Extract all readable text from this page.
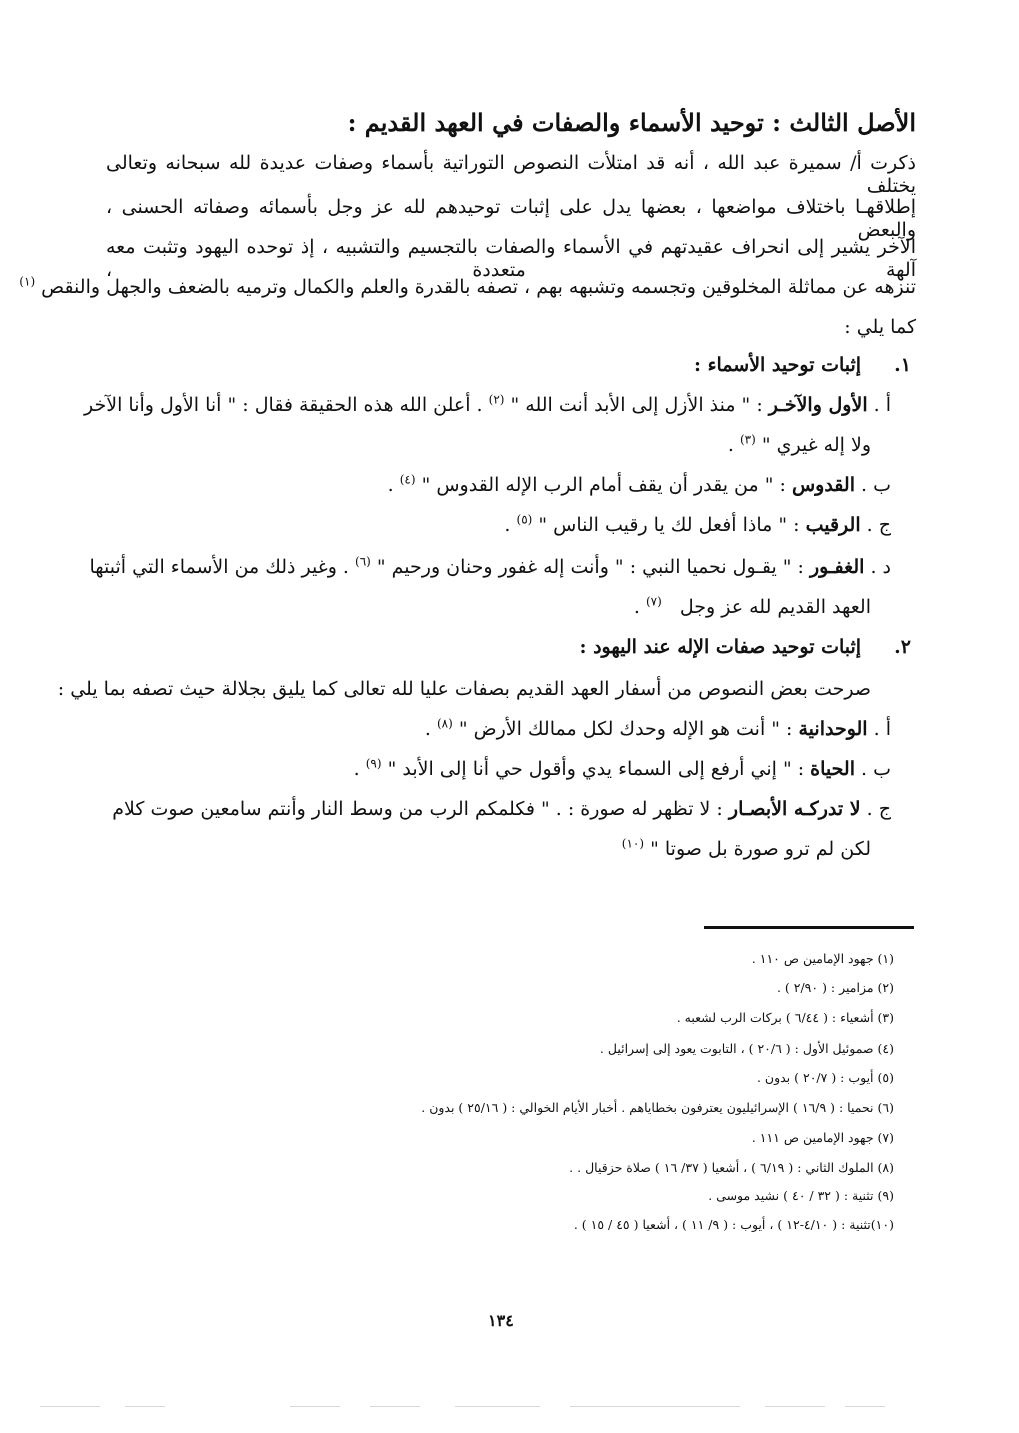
الأصل الثالث : توحيد الأسماء والصفات في العهد القديم :
ذكرت أ/ سميرة عبد الله ، أنه قد امتلأت النصوص التوراتية بأسماء وصفات عديدة لله سبحانه وتعالى يختلف
إطلاقهـا باختلاف مواضعها ، بعضها يدل على إثبات توحيدهم لله عز وجل بأسمائه وصفاته الحسنى ، والبعض
الآخر يشير إلى انحراف عقيدتهم في الأسماء والصفات بالتجسيم والتشبيه ، إذ توحده اليهود وتثبت معه آلهة متعددة ،
تنزهه عن مماثلة المخلوقين وتجسمه وتشبهه بهم ، تصفه بالقدرة والعلم والكمال وترميه بالضعف والجهل والنقص $^{(١)}$
كما يلي :
١.     إثبات توحيد الأسماء :
أ . الأول والآخـر : " منذ الأزل إلى الأبد أنت الله " $^{(٢)}$ . أعلن الله هذه الحقيقة فقال : " أنا الأول وأنا الآخر
ولا إله غيري " $^{(٣)}$ .
ب . القدوس : " من يقدر أن يقف أمام الرب الإله القدوس " $^{(٤)}$ .
ج . الرقيب : " ماذا أفعل لك يا رقيب الناس " $^{(٥)}$ .
د . الغفـور : " يقـول نحميا النبي : " وأنت إله غفور وحنان ورحيم " $^{(٦)}$ . وغير ذلك من الأسماء التي أثبتها
العهد القديم لله عز وجل   $^{(٧)}$ .
٢.     إثبات توحيد صفات الإله عند اليهود :
صرحت بعض النصوص من أسفار العهد القديم بصفات عليا لله تعالى كما يليق بجلالة حيث تصفه بما يلي :
أ . الوحدانية : " أنت هو الإله وحدك لكل ممالك الأرض " $^{(٨)}$ .
ب . الحياة : " إني أرفع إلى السماء يدي وأقول حي أنا إلى الأبد " $^{(٩)}$ .
ج . لا تدركـه الأبصـار : لا تظهر له صورة : . " فكلمكم الرب من وسط النار وأنتم سامعين صوت كلام
لكن لم ترو صورة بل صوتا " $^{(١٠)}$
(١) جهود الإمامين ص ١١٠ .
(٢) مزامير : ( ٢/٩٠ ) .
(٣) أشعياء : ( ٦/٤٤ ) بركات الرب لشعبه .
(٤) صموئيل الأول : ( ٢٠/٦ ) ، التابوت يعود إلى إسرائيل .
(٥) أيوب : ( ٢٠/٧ ) بدون .
(٦) نحميا : ( ١٦/٩ ) الإسرائيليون يعترفون بخطاياهم . أخبار الأيام الخوالي : ( ٢٥/١٦ ) بدون .
(٧) جهود الإمامين ص ١١١ .
(٨) الملوك الثاني : ( ٦/١٩ ) ، أشعيا ( ٣٧/ ١٦ ) صلاة حزقيال . .
(٩) تثنية : ( ٣٢ / ٤٠ ) نشيد موسى .
(١٠)تثنية : ( ٤/١٠-١٢ ) ، أيوب : ( ٩/ ١١ ) ، أشعيا ( ٤٥ / ١٥ ) .
١٣٤
